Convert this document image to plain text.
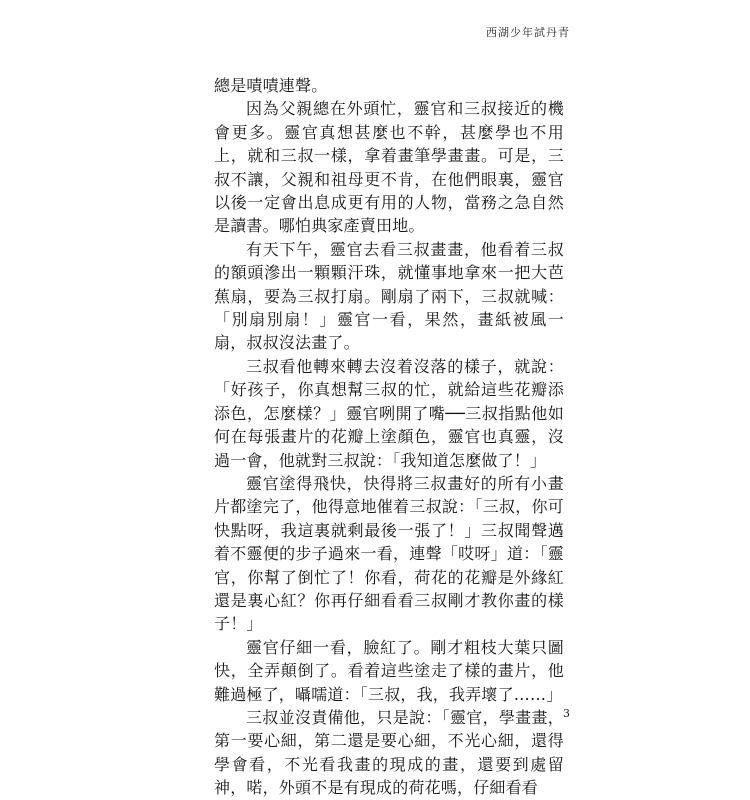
西湖少年試丹青

總是嘖嘖連聲。

因為父親總在外頭忙，靈官和三叔接近的機會更多。靈官真想甚麼也不幹，甚麼學也不用上，就和三叔一樣，拿着畫筆學畫畫。可是，三叔不讓，父親和祖母更不肯，在他們眼裏，靈官以後一定會出息成更有用的人物，當務之急自然是讀書。哪怕典家產賣田地。

有天下午，靈官去看三叔畫畫，他看着三叔的額頭滲出一顆顆汗珠，就懂事地拿來一把大芭蕉扇，要為三叔打扇。剛扇了兩下，三叔就喊：「別扇別扇！」靈官一看，果然，畫紙被風一扇，叔叔沒法畫了。

三叔看他轉來轉去沒着沒落的樣子，就說：「好孩子，你真想幫三叔的忙，就給這些花瓣添添色，怎麼樣？」靈官咧開了嘴──三叔指點他如何在每張畫片的花瓣上塗顏色，靈官也真靈，沒過一會，他就對三叔說：「我知道怎麼做了！」

靈官塗得飛快，快得將三叔畫好的所有小畫片都塗完了，他得意地催着三叔說：「三叔，你可快點呀，我這裏就剩最後一張了！」三叔聞聲邁着不靈便的步子過來一看，連聲「哎呀」道：「靈官，你幫了倒忙了！你看，荷花的花瓣是外緣紅還是裏心紅？你再仔細看看三叔剛才教你畫的樣子！」

靈官仔細一看，臉紅了。剛才粗枝大葉只圖快，全弄顛倒了。看着這些塗走了樣的畫片，他難過極了，囁嚅道：「三叔，我，我弄壞了……」

三叔並沒責備他，只是說：「靈官，學畫畫，第一要心細，第二還是要心細，不光心細，還得學會看，不光看我畫的現成的畫，還要到處留神，喏，外頭不是有現成的荷花嗎，仔細看看

3
